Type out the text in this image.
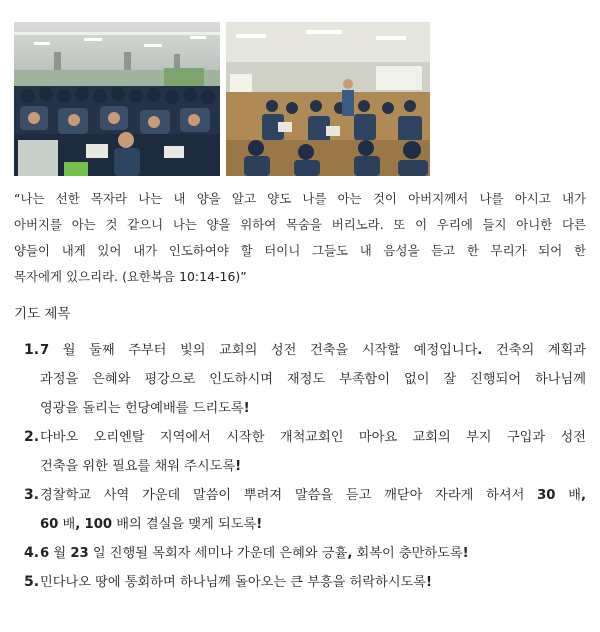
“나는 선한 목자라 나는 내 양을 알고 양도 나를 아는 것이 아버지께서 나를 아시고 내가
아버지를 아는 것 같으니 나는 양을 위하여 목숨을 버리노라. 또 이 우리에 들지 아니한 다른
양들이 내게 있어 내가 인도하여야 할 터이니 그들도 내 음성을 듣고 한 무리가 되어 한
목자에게 있으리라. (요한복음 10:14-16)”
기도 제목
1. 7 월 둘째 주부터 빛의 교회의 성전 건축을 시작할 예정입니다. 건축의 계획과
과정을 은혜와 평강으로 인도하시며 재정도 부족함이 없이 잘 진행되어 하나님께
영광을 돌리는 헌당예배를 드리도록!
2. 다바오 오리엔탈 지역에서 시작한 개척교회인 마아요 교회의 부지 구입과 성전
건축을 위한 필요를 채워 주시도록!
3. 경찰학교 사역 가운데 말씀이 뿌려져 말씀을 듣고 깨닫아 자라게 하셔서 30 배,
60 배, 100 배의 결실을 맺게 되도록!
4. 6 월 23 일 진행될 목회자 세미나 가운데 은혜와 긍휼, 회복이 충만하도록!
5. 민다나오 땅에 통회하며 하나님께 돌아오는 큰 부흥을 허락하시도록!
